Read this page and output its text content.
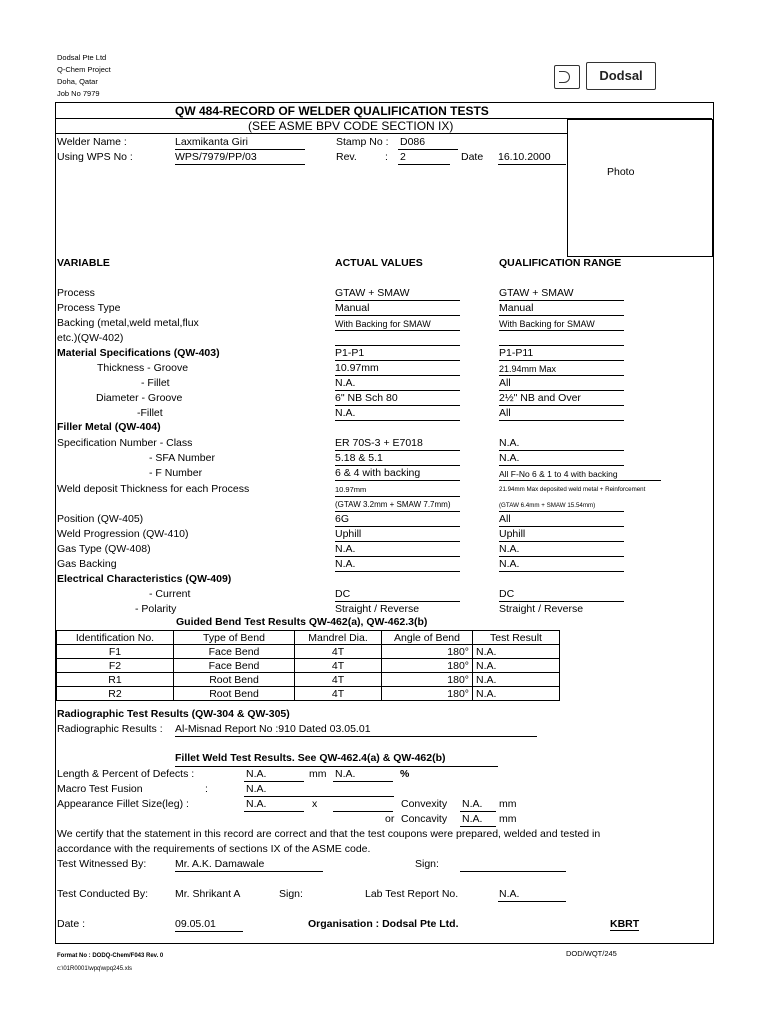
Dodsal Pte Ltd
Q-Chem Project
Doha, Qatar
Job No 7979
Dodsal
QW 484-RECORD OF WELDER QUALIFICATION TESTS
(SEE ASME BPV CODE SECTION IX)
Photo
Welder Name :	Laxmikanta Giri	Stamp No : D086
Using WPS No :	WPS/7979/PP/03	Rev.	: 2	Date 16.10.2000
VARIABLE	ACTUAL VALUES	QUALIFICATION RANGE
Process	GTAW + SMAW	GTAW + SMAW
Process Type	Manual	Manual
Backing (metal,weld metal,flux	With Backing for SMAW	With Backing for SMAW
etc.)(QW-402)
Material Specifications (QW-403)	P1-P1	P1-P11
Thickness - Groove	10.97mm	21.94mm Max
- Fillet	N.A.	All
Diameter - Groove	6" NB Sch 80	2½" NB and Over
-Fillet	N.A.	All
Filler Metal (QW-404)
Specification Number - Class	ER 70S-3 + E7018	N.A.
- SFA Number	5.18 & 5.1	N.A.
- F Number	6 & 4 with backing	All F-No 6 & 1 to 4 with backing
Weld deposit Thickness for each Process	10.97mm	21.94mm Max deposited weld metal + Reinforcement
(GTAW 3.2mm + SMAW 7.7mm)	(GTAW 6.4mm + SMAW 15.54mm)
Position (QW-405)	6G	All
Weld Progression (QW-410)	Uphill	Uphill
Gas Type (QW-408)	N.A.	N.A.
Gas Backing	N.A.	N.A.
Electrical Characteristics (QW-409)
- Current	DC	DC
- Polarity	Straight / Reverse	Straight / Reverse
Guided Bend Test Results QW-462(a), QW-462.3(b)
Identification No.	Type of Bend	Mandrel Dia.	Angle of Bend	Test Result
F1	Face Bend	4T	180°	N.A.
F2	Face Bend	4T	180°	N.A.
R1	Root Bend	4T	180°	N.A.
R2	Root Bend	4T	180°	N.A.
Radiographic Test Results (QW-304 & QW-305)
Radiographic Results : Al-Misnad Report No :910 Dated 03.05.01
Fillet Weld Test Results. See QW-462.4(a) & QW-462(b)
Length & Percent of Defects :	N.A.	mm N.A.	%
Macro Test Fusion	:	N.A.
Appearance Fillet Size(leg) :	N.A.	x	Convexity N.A. mm
or Concavity N.A. mm
We certify that the statement in this record are correct and that the test coupons were prepared, welded and tested in
accordance with the requirements of sections IX of the ASME code.
Test Witnessed By:	Mr. A.K. Damawale	Sign:
Test Conducted By:	Mr. Shrikant A	Sign:	Lab Test Report No.	N.A.
Date :	09.05.01	Organisation : Dodsal Pte Ltd.	KBRT
Format No : DODQ-Chem/F043 Rev. 0	DOD/WQT/245
c:\01R0001\wpq\wpq245.xls
